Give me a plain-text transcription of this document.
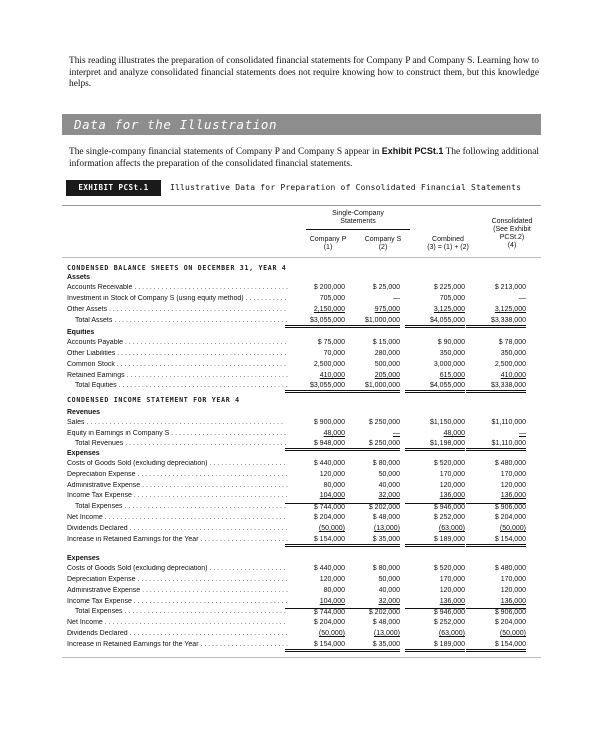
This reading illustrates the preparation of consolidated financial statements for Company P and Company S. Learning how to interpret and analyze consolidated financial statements does not require knowing how to construct them, but this knowledge helps.
Data for the Illustration
The single-company financial statements of Company P and Company S appear in Exhibit PCSt.1 The following additional information affects the preparation of the consolidated financial statements.
EXHIBIT PCSt.1	Illustrative Data for Preparation of Consolidated Financial Statements
Single-Company
Statements
Company P
(1)
Company S
(2)
Combined
(3) = (1) + (2)
Consolidated
(See Exhibit
PCSt.2)
(4)
CONDENSED BALANCE SHEETS ON DECEMBER 31, YEAR 4
CONDENSED INCOME STATEMENT FOR YEAR 4
Assets
Accounts Receivable . . .	$ 200,000	$ 25,000	$ 225,000	$ 213,000
Investment in Stock of Company S (using equity method) . . .	705,000	—	705,000	—
Other Assets . . .	2,150,000	975,000	3,125,000	3,125,000
Total Assets . . .	$3,055,000	$1,000,000	$4,055,000	$3,338,000
Equities
Accounts Payable . . .	$ 75,000	$ 15,000	$ 90,000	$ 78,000
Other Liabilities . . .	70,000	280,000	350,000	350,000
Common Stock . . .	2,500,000	500,000	3,000,000	2,500,000
Retained Earnings . . .	410,000	205,000	615,000	410,000
Total Equities . . .	$3,055,000	$1,000,000	$4,055,000	$3,338,000
Revenues
Sales . . .	$ 900,000	$ 250,000	$1,150,000	$1,110,000
Equity in Earnings in Company S . . .	48,000	—	48,000	—
Total Revenues . . .	$ 948,000	$ 250,000	$1,198,000	$1,110,000
Expenses
Costs of Goods Sold (excluding depreciation) . . .	$ 440,000	$ 80,000	$ 520,000	$ 480,000
Depreciation Expense . . .	120,000	50,000	170,000	170,000
Administrative Expense . . .	80,000	40,000	120,000	120,000
Income Tax Expense . . .	104,000	32,000	136,000	136,000
Total Expenses . . .	$ 744,000	$ 202,000	$ 946,000	$ 906,000
Net Income . . .	$ 204,000	$ 48,000	$ 252,000	$ 204,000
Dividends Declared . . .	(50,000)	(13,000)	(63,000)	(50,000)
Increase in Retained Earnings for the Year . . .	$ 154,000	$ 35,000	$ 189,000	$ 154,000
Expenses
Costs of Goods Sold (excluding depreciation) . . .	$ 440,000	$ 80,000	$ 520,000	$ 480,000
Depreciation Expense . . .	120,000	50,000	170,000	170,000
Administrative Expense . . .	80,000	40,000	120,000	120,000
Income Tax Expense . . .	104,000	32,000	136,000	136,000
Total Expenses . . .	$ 744,000	$ 202,000	$ 946,000	$ 906,000
Net Income . . .	$ 204,000	$ 48,000	$ 252,000	$ 204,000
Dividends Declared . . .	(50,000)	(13,000)	(63,000)	(50,000)
Increase in Retained Earnings for the Year . . .	$ 154,000	$ 35,000	$ 189,000	$ 154,000
